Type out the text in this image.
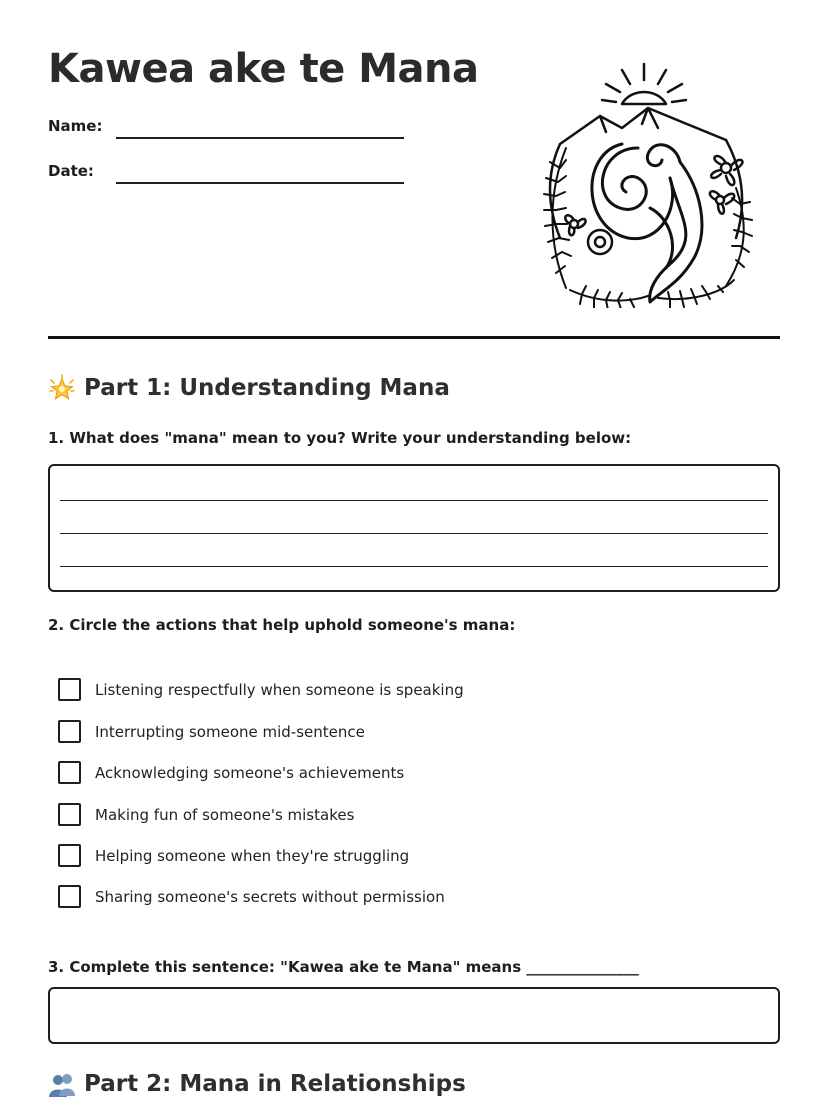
Kawea ake te Mana
Name:
Date:
Part 1: Understanding Mana

1. What does "mana" mean to you? Write your understanding below:

2. Circle the actions that help uphold someone's mana:

Listening respectfully when someone is speaking
Interrupting someone mid-sentence
Acknowledging someone's achievements
Making fun of someone's mistakes
Helping someone when they're struggling
Sharing someone's secrets without permission

3. Complete this sentence: "Kawea ake te Mana" means _______________

Part 2: Mana in Relationships
